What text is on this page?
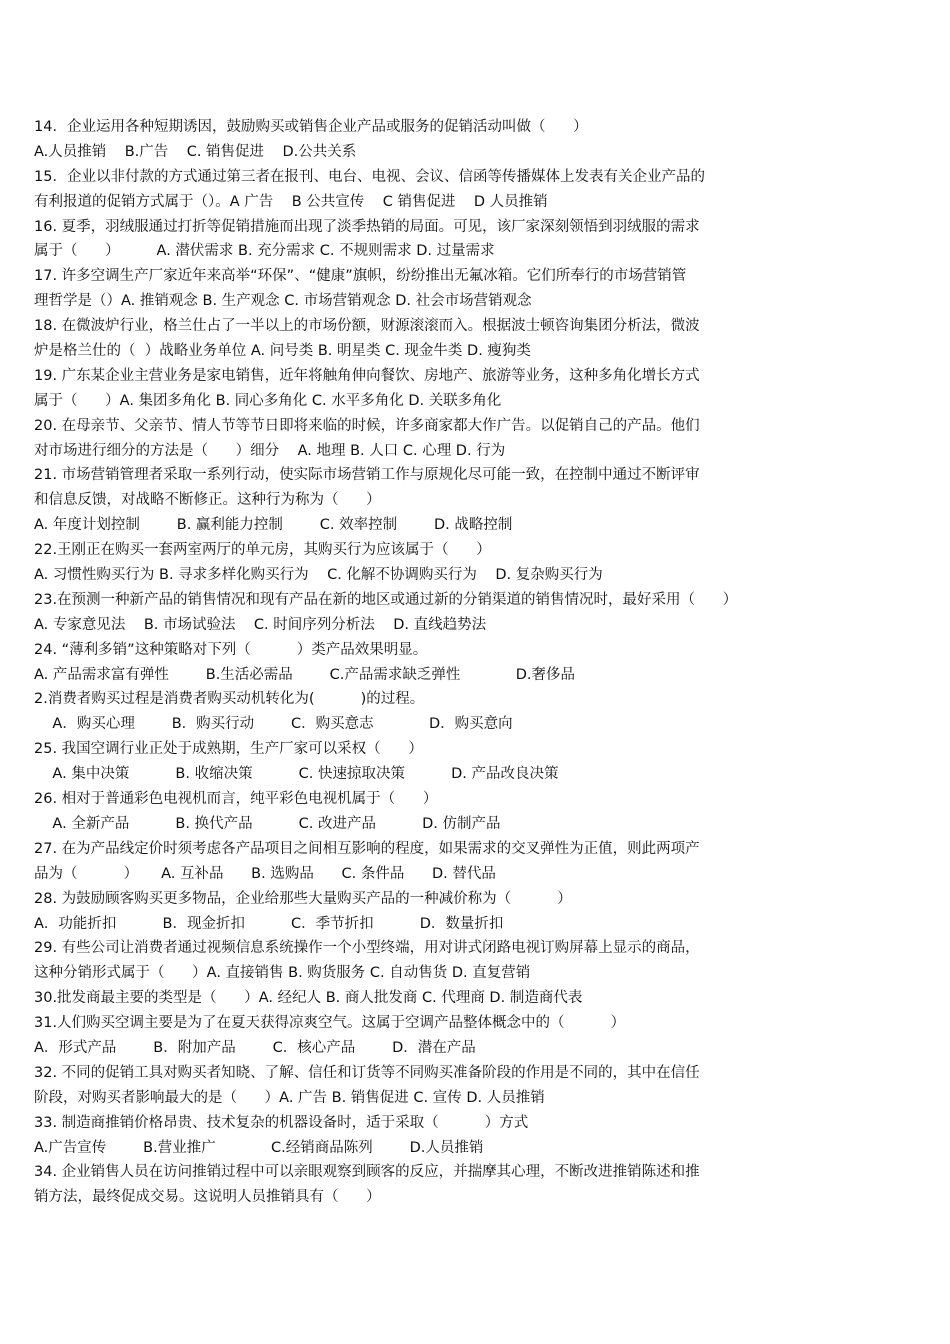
14．企业运用各种短期诱因，鼓励购买或销售企业产品或服务的促销活动叫做（      ）
A.人员推销    B.广告    C. 销售促进    D.公共关系
15．企业以非付款的方式通过第三者在报刊、电台、电视、会议、信函等传播媒体上发表有关企业产品的
有利报道的促销方式属于（）。A 广告    B 公共宣传    C 销售促进    D 人员推销
16. 夏季，羽绒服通过打折等促销措施而出现了淡季热销的局面。可见，该厂家深刻领悟到羽绒服的需求
属于（      ）        A. 潜伏需求 B. 充分需求 C. 不规则需求 D. 过量需求
17. 许多空调生产厂家近年来高举“环保”、“健康”旗帜，纷纷推出无氟冰箱。它们所奉行的市场营销管
理哲学是（）A. 推销观念 B. 生产观念 C. 市场营销观念 D. 社会市场营销观念
18. 在微波炉行业，格兰仕占了一半以上的市场份额，财源滚滚而入。根据波士顿咨询集团分析法，微波
炉是格兰仕的（  ）战略业务单位 A. 问号类 B. 明星类 C. 现金牛类 D. 瘦狗类
19. 广东某企业主营业务是家电销售，近年将触角伸向餐饮、房地产、旅游等业务，这种多角化增长方式
属于（      ）A. 集团多角化 B. 同心多角化 C. 水平多角化 D. 关联多角化
20. 在母亲节、父亲节、情人节等节日即将来临的时候，许多商家都大作广告。以促销自己的产品。他们
对市场进行细分的方法是（      ）细分    A. 地理 B. 人口 C. 心理 D. 行为
21. 市场营销管理者采取一系列行动，使实际市场营销工作与原规化尽可能一致，在控制中通过不断评审
和信息反馈，对战略不断修正。这种行为称为（      ）
A. 年度计划控制        B. 赢利能力控制        C. 效率控制        D. 战略控制
22.王刚正在购买一套两室两厅的单元房，其购买行为应该属于（      ）
A. 习惯性购买行为 B. 寻求多样化购买行为    C. 化解不协调购买行为    D. 复杂购买行为
23.在预测一种新产品的销售情况和现有产品在新的地区或通过新的分销渠道的销售情况时，最好采用（      ）
A. 专家意见法    B. 市场试验法    C. 时间序列分析法    D. 直线趋势法
24. “薄利多销”这种策略对下列（          ）类产品效果明显。
A. 产品需求富有弹性        B.生活必需品        C.产品需求缺乏弹性            D.奢侈品
2.消费者购买过程是消费者购买动机转化为(          )的过程。
A．购买心理        B．购买行动        C．购买意志            D．购买意向
25. 我国空调行业正处于成熟期，生产厂家可以采权（      ）
A. 集中决策          B. 收缩决策          C. 快速掠取决策          D. 产品改良决策
26. 相对于普通彩色电视机而言，纯平彩色电视机属于（      ）
A. 全新产品          B. 换代产品          C. 改进产品          D. 仿制产品
27. 在为产品线定价时须考虑各产品项目之间相互影响的程度，如果需求的交叉弹性为正值，则此两项产
品为（          ）     A. 互补品      B. 选购品      C. 条件品      D. 替代品
28. 为鼓励顾客购买更多物品，企业给那些大量购买产品的一种减价称为（          ）
A．功能折扣          B．现金折扣          C．季节折扣          D．数量折扣
29. 有些公司让消费者通过视频信息系统操作一个小型终端，用对讲式闭路电视订购屏幕上显示的商品，
这种分销形式属于（      ）A. 直接销售 B. 购货服务 C. 自动售货 D. 直复营销
30.批发商最主要的类型是（      ）A. 经纪人 B. 商人批发商 C. 代理商 D. 制造商代表
31.人们购买空调主要是为了在夏天获得凉爽空气。这属于空调产品整体概念中的（          ）
A．形式产品        B．附加产品        C．核心产品        D．潜在产品
32. 不同的促销工具对购买者知晓、了解、信任和订货等不同购买准备阶段的作用是不同的，其中在信任
阶段，对购买者影响最大的是（      ）A. 广告 B. 销售促进 C. 宣传 D. 人员推销
33. 制造商推销价格昂贵、技术复杂的机器设备时，适于采取（          ）方式
A.广告宣传        B.营业推广            C.经销商品陈列        D.人员推销
34. 企业销售人员在访问推销过程中可以亲眼观察到顾客的反应，并揣摩其心理，不断改进推销陈述和推
销方法，最终促成交易。这说明人员推销具有（      ）
